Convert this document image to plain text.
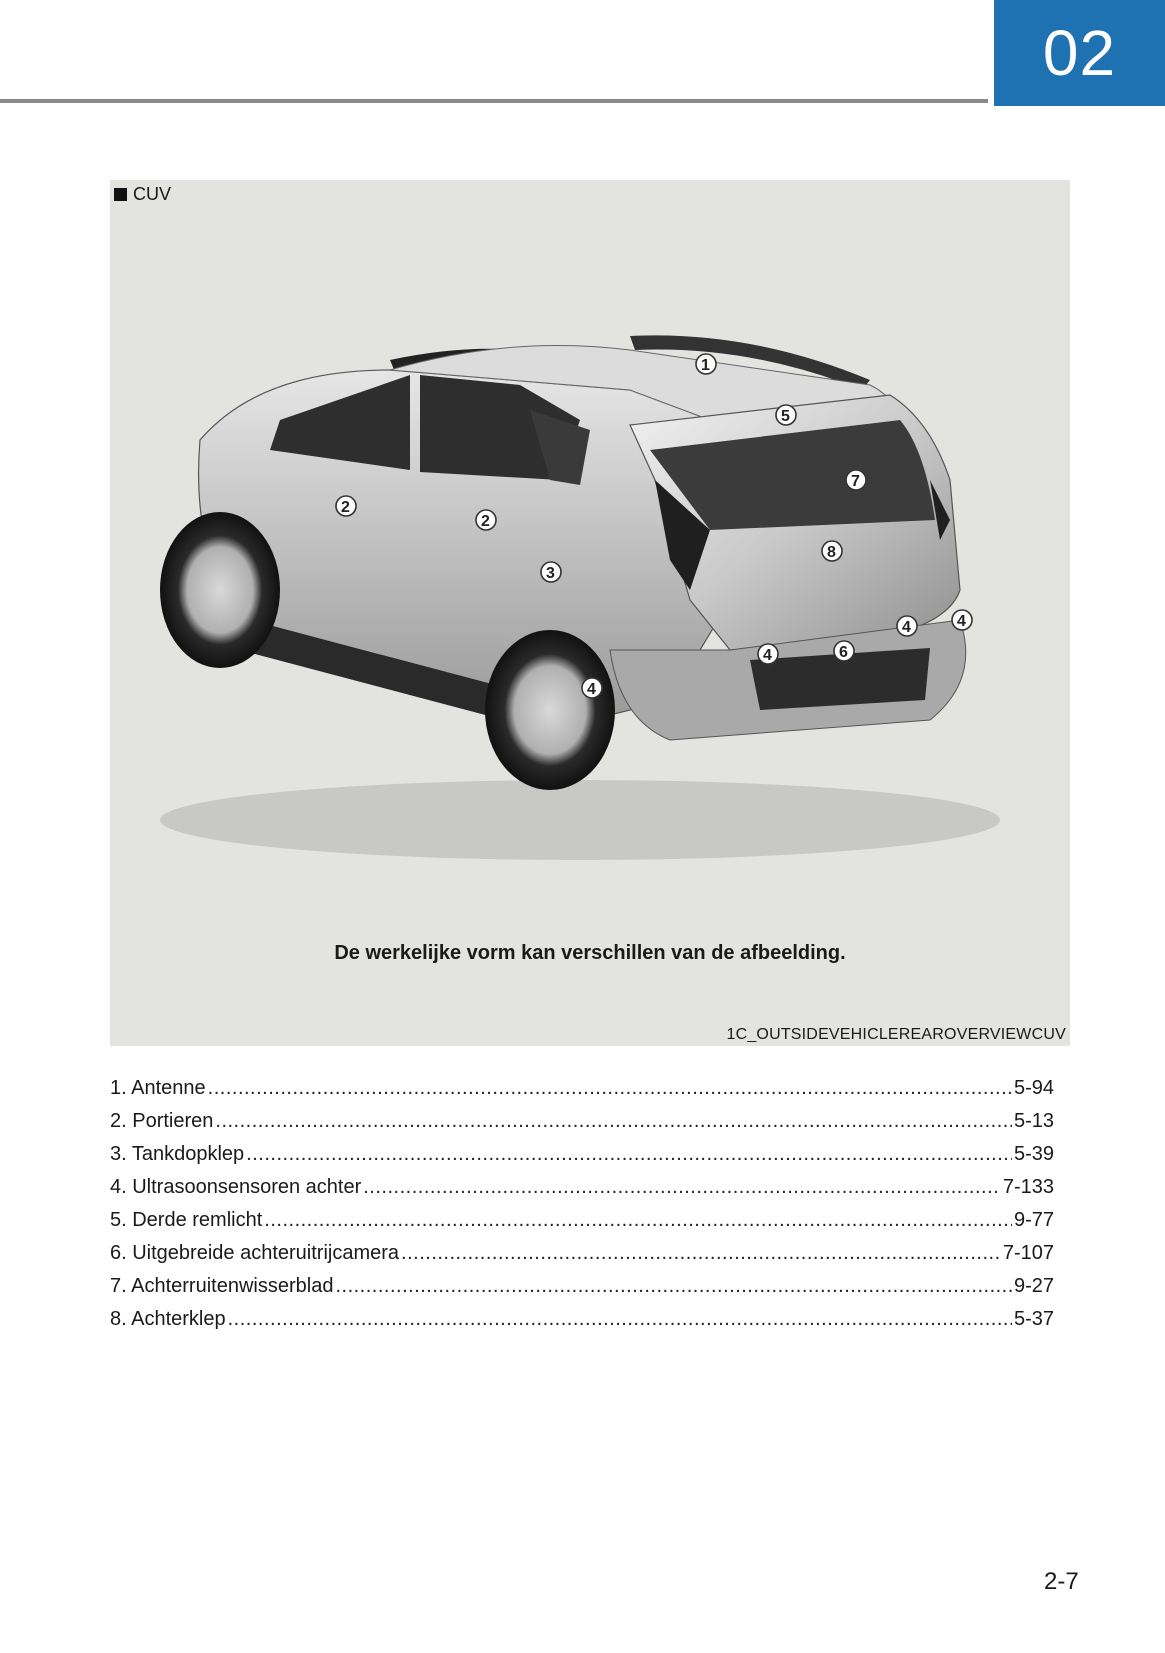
02
1
5
7
2
2
8
3
4
4
4	6
4
CUV
De werkelijke vorm kan verschillen van de afbeelding.
1C_OUTSIDEVEHICLEREAROVERVIEWCUV
1. Antenne .....	5-94
2. Portieren .....	5-13
3. Tankdopklep .....	5-39
4. Ultrasoonsensoren achter .....	7-133
5. Derde remlicht .....	9-77
6. Uitgebreide achteruitrijcamera .....	7-107
7. Achterruitenwisserblad .....	9-27
8. Achterklep .....	5-37
2-7
